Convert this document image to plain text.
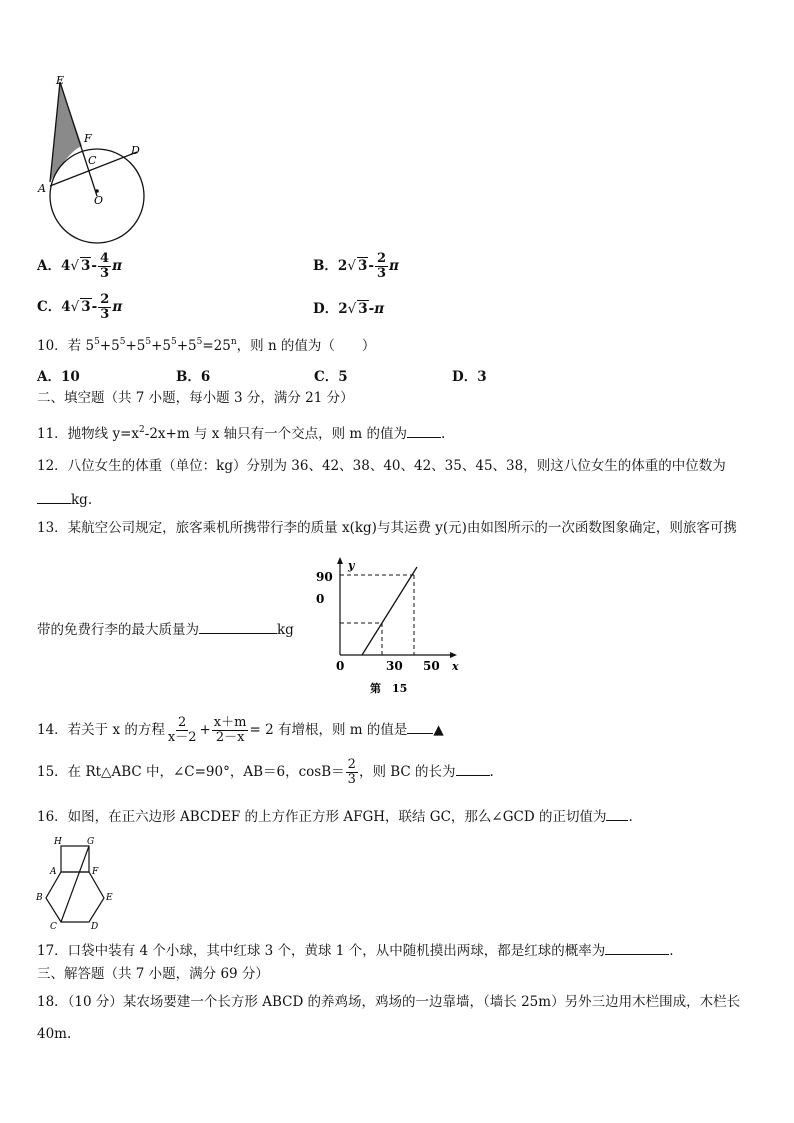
E
F
C
D
A
O
A．4√ $3- \frac{4}{3}$ π	B．2√ $3- \frac{2}{3}$ π
C．4√ $3- \frac{2}{3}$ π	D．2√ 3-π
10．若 $5^5+5^5+5^5+5^5+5^5=25^n$，则 n 的值为（　　）
A．10	B．6	C．5	D．3
二、填空题（共 7 小题，每小题 3 分，满分 21 分）
11．抛物线 $y=x^2-2x+m$ 与 x 轴只有一个交点，则 m 的值为	.
12．八位女生的体重（单位：kg）分别为 36、42、38、40、42、35、45、38，则这八位女生的体重的中位数为
kg.
13．某航空公司规定，旅客乘机所携带行李的质量 x(kg)与其运费 y(元)由如图所示的一次函数图象确定，则旅客可携
带的免费行李的最大质量为	kg
y
x
90
0
0	30 50
第　15
14．若关于 x 的方程 $\frac{2}{x-2} + \frac{x+m}{2-x} = 2$ 有增根，则 m 的值是 ▲
15．在 Rt△ABC 中，∠C=90°，AB＝6，$\cos B= \frac{2}{3}$ ，则 BC 的长为	.
16．如图，在正六边形 ABCDEF 的上方作正方形 AFGH，联结 GC，那么∠GCD 的正切值为 .
H	G
A	F
B	E
C	D
17．口袋中装有 4 个小球，其中红球 3 个，黄球 1 个，从中随机摸出两球，都是红球的概率为	.
三、解答题（共 7 小题，满分 69 分）
18．（10 分）某农场要建一个长方形 ABCD 的养鸡场，鸡场的一边靠墙，（墙长 25m）另外三边用木栏围成，木栏长
40m.
